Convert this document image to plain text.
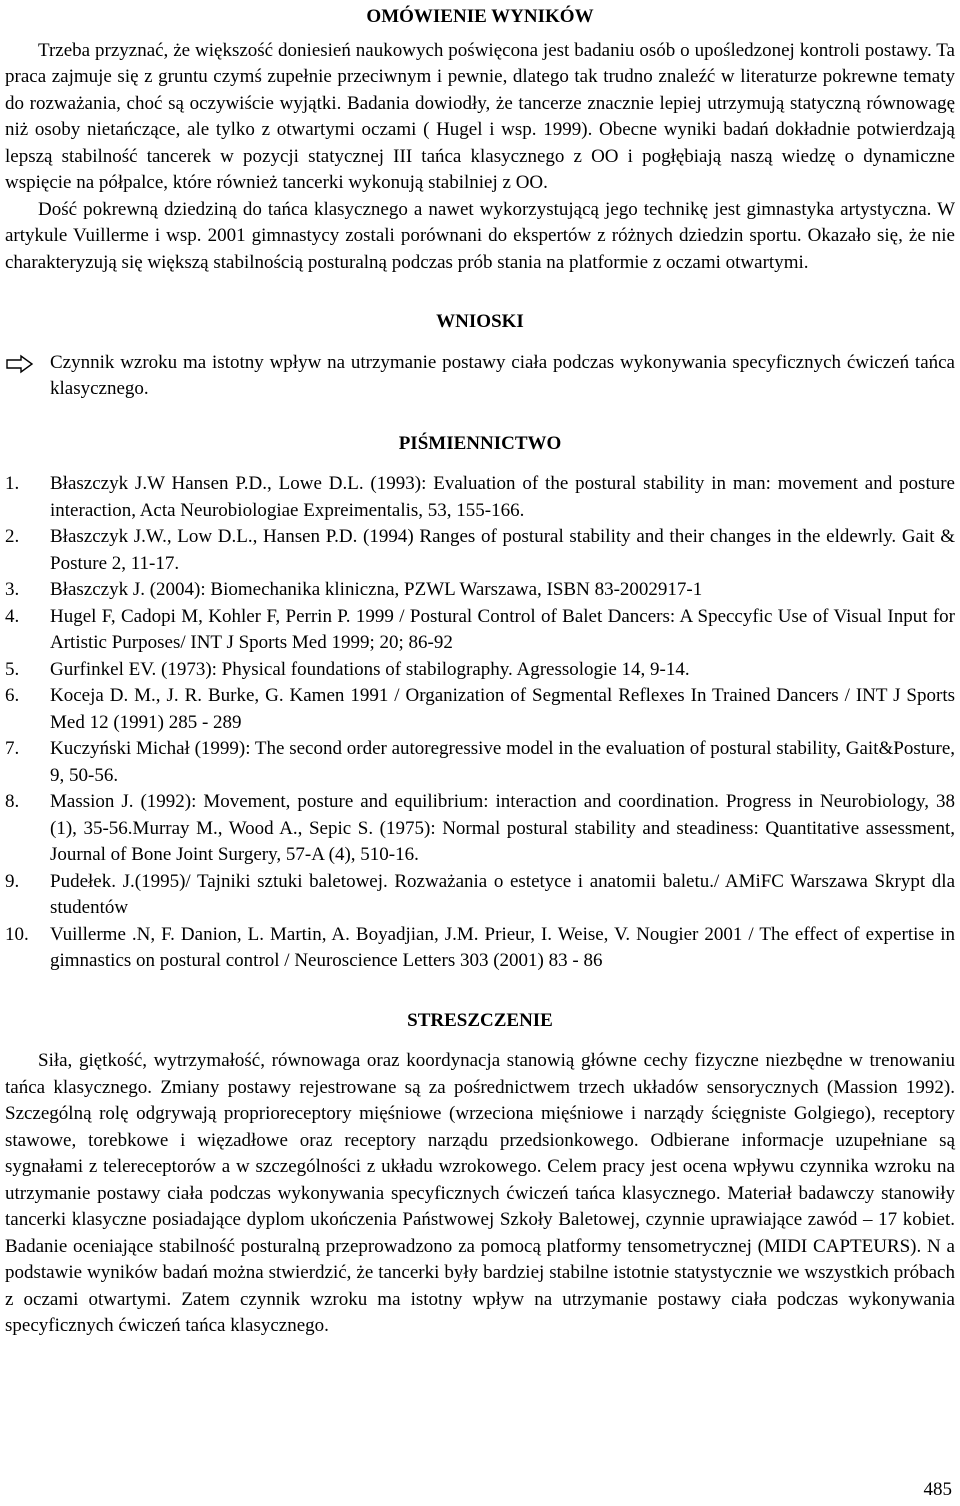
OMÓWIENIE WYNIKÓW

Trzeba przyznać, że większość doniesień naukowych poświęcona jest badaniu osób o upośledzonej kontroli postawy. Ta praca zajmuje się z gruntu czymś zupełnie przeciwnym i pewnie, dlatego tak trudno znaleźć w literaturze pokrewne tematy do rozważania, choć są oczywiście wyjątki. Badania dowiodły, że tancerze znacznie lepiej utrzymują statyczną równowagę niż osoby nietańczące, ale tylko z otwartymi oczami ( Hugel i wsp. 1999). Obecne wyniki badań dokładnie potwierdzają lepszą stabilność tancerek w pozycji statycznej III tańca klasycznego z OO i pogłębiają naszą wiedzę o dynamiczne wspięcie na półpalce, które również tancerki wykonują stabilniej z OO.

Dość pokrewną dziedziną do tańca klasycznego a nawet wykorzystującą jego technikę jest gimnastyka artystyczna. W artykule Vuillerme i wsp. 2001 gimnastycy zostali porównani do ekspertów z różnych dziedzin sportu. Okazało się, że nie charakteryzują się większą stabilnością posturalną podczas prób stania na platformie z oczami otwartymi.

WNIOSKI
Czynnik wzroku ma istotny wpływ na utrzymanie postawy ciała podczas wykonywania specyficznych ćwiczeń tańca klasycznego.
PIŚMIENNICTWO
1.	Błaszczyk J.W Hansen P.D., Lowe D.L. (1993): Evaluation of the postural stability in man: movement and posture interaction, Acta Neurobiologiae Expreimentalis, 53, 155-166.
2.	Błaszczyk J.W., Low D.L., Hansen P.D. (1994) Ranges of postural stability and their changes in the eldewrly. Gait & Posture 2, 11-17.
3.	Błaszczyk J. (2004): Biomechanika kliniczna, PZWL Warszawa, ISBN 83-2002917-1
4.	Hugel F, Cadopi M, Kohler F, Perrin P. 1999 / Postural Control of Balet Dancers: A Speccyfic Use of Visual Input for Artistic Purposes/ INT J Sports Med 1999; 20; 86-92
5.	Gurfinkel EV. (1973): Physical foundations of stabilography. Agressologie 14, 9-14.
6.	Koceja D. M., J. R. Burke, G. Kamen 1991 / Organization of Segmental Reflexes In Trained Dancers / INT J Sports Med 12 (1991) 285 - 289
7.	Kuczyński Michał (1999): The second order autoregressive model in the evaluation of postural stability, Gait&Posture, 9, 50-56.
8.	Massion J. (1992): Movement, posture and equilibrium: interaction and coordination. Progress in Neurobiology, 38 (1), 35-56.Murray M., Wood A., Sepic S. (1975): Normal postural stability and steadiness: Quantitative assessment, Journal of Bone Joint Surgery, 57-A (4), 510-16.
9.	Pudełek. J.(1995)/ Tajniki sztuki baletowej. Rozważania o estetyce i anatomii baletu./ AMiFC Warszawa Skrypt dla studentów
10.	Vuillerme .N, F. Danion, L. Martin, A. Boyadjian, J.M. Prieur, I. Weise, V. Nougier 2001 / The effect of expertise in gimnastics on postural control / Neuroscience Letters 303 (2001) 83 - 86
STRESZCZENIE

Siła, giętkość, wytrzymałość, równowaga oraz koordynacja stanowią główne cechy fizyczne niezbędne w trenowaniu tańca klasycznego. Zmiany postawy rejestrowane są za pośrednictwem trzech układów sensorycznych (Massion 1992). Szczególną rolę odgrywają proprioreceptory mięśniowe (wrzeciona mięśniowe i narządy ścięgniste Golgiego), receptory stawowe, torebkowe i więzadłowe oraz receptory narządu przedsionkowego. Odbierane informacje uzupełniane są sygnałami z telereceptorów a w szczególności z układu wzrokowego. Celem pracy jest ocena wpływu czynnika wzroku na utrzymanie postawy ciała podczas wykonywania specyficznych ćwiczeń tańca klasycznego. Materiał badawczy stanowiły tancerki klasyczne posiadające dyplom ukończenia Państwowej Szkoły Baletowej, czynnie uprawiające zawód – 17 kobiet. Badanie oceniające stabilność posturalną przeprowadzono za pomocą platformy tensometrycznej (MIDI CAPTEURS). N a podstawie wyników badań można stwierdzić, że tancerki były bardziej stabilne istotnie statystycznie we wszystkich próbach z oczami otwartymi. Zatem czynnik wzroku ma istotny wpływ na utrzymanie postawy ciała podczas wykonywania specyficznych ćwiczeń tańca klasycznego.

485
